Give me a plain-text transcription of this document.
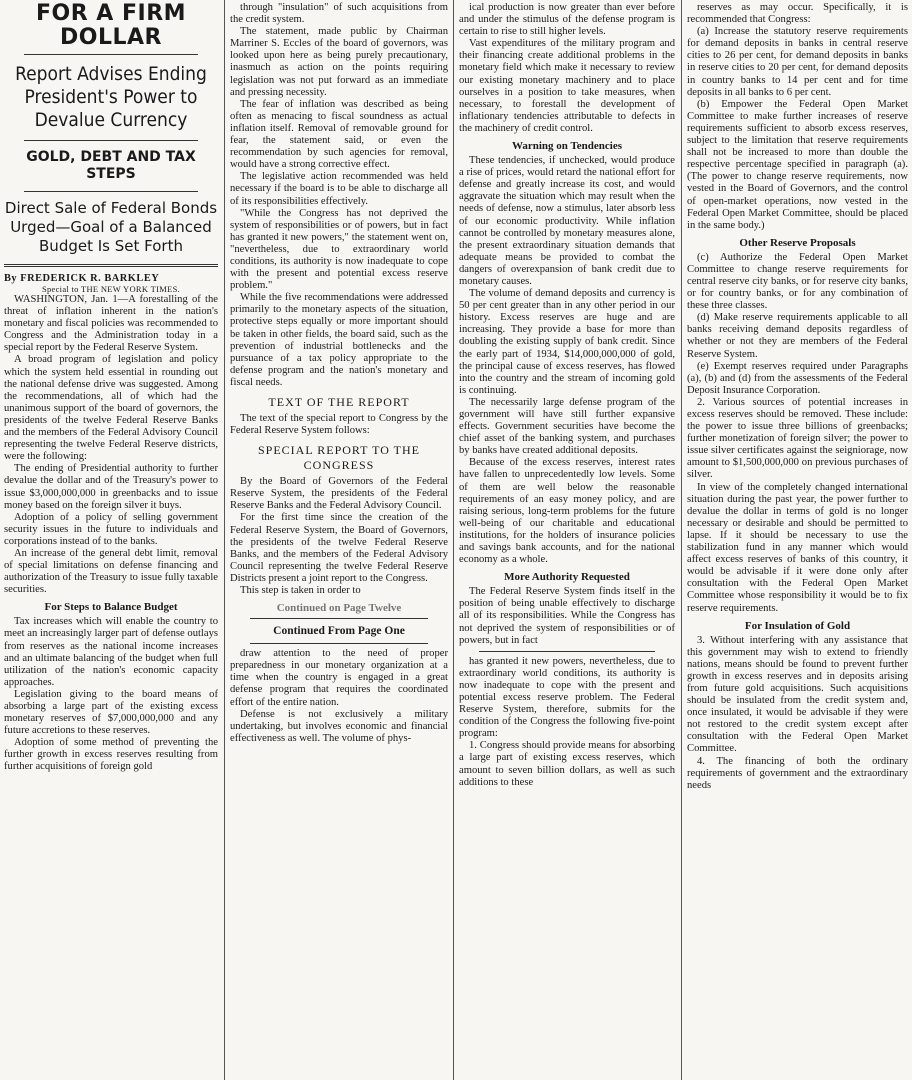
FOR A FIRM DOLLAR
Report Advises Ending President's Power to Devalue Currency
GOLD, DEBT AND TAX STEPS
Direct Sale of Federal Bonds Urged—Goal of a Balanced Budget Is Set Forth
By FREDERICK R. BARKLEY
Special to THE NEW YORK TIMES.

WASHINGTON, Jan. 1—A forestalling of the threat of inflation inherent in the nation's monetary and fiscal policies was recommended to Congress and the Administration today in a special report by the Federal Reserve System.

A broad program of legislation and policy which the system held essential in rounding out the national defense drive was suggested. Among the recommendations, all of which had the unanimous support of the board of governors, the presidents of the twelve Federal Reserve Banks and the members of the Federal Advisory Council representing the twelve Federal Reserve districts, were the following:

The ending of Presidential authority to further devalue the dollar and of the Treasury's power to issue $3,000,000,000 in greenbacks and to issue money based on the foreign silver it buys.

Adoption of a policy of selling government security issues in the future to individuals and corporations instead of to the banks.

An increase of the general debt limit, removal of special limitations on defense financing and authorization of the Treasury to issue fully taxable securities.

For Steps to Balance Budget

Tax increases which will enable the country to meet an increasingly larger part of defense outlays from reserves as the national income increases and an ultimate balancing of the budget when full utilization of the nation's economic capacity approaches.

Legislation giving to the board means of absorbing a large part of the existing excess monetary reserves of $7,000,000,000 and any future accretions to these reserves.

Adoption of some method of preventing the further growth in excess reserves resulting from further acquisitions of foreign gold

through "insulation" of such acquisitions from the credit system.

The statement, made public by Chairman Marriner S. Eccles of the board of governors, was looked upon here as being purely precautionary, inasmuch as action on the points requiring legislation was not put forward as an immediate and pressing necessity.

The fear of inflation was described as being often as menacing to fiscal soundness as actual inflation itself. Removal of removable ground for fear, the statement said, or even the recommendation by such agencies for removal, would have a strong corrective effect.

The legislative action recommended was held necessary if the board is to be able to discharge all of its responsibilities effectively.

"While the Congress has not deprived the system of responsibilities or of powers, but in fact has granted it new powers," the statement went on, "nevertheless, due to extraordinary world conditions, its authority is now inadequate to cope with the present and potential excess reserve problem."

While the five recommendations were addressed primarily to the monetary aspects of the situation, protective steps equally or more important should be taken in other fields, the board said, such as the prevention of industrial bottlenecks and the pursuance of a tax policy appropriate to the defense program and the nation's monetary and fiscal needs.

TEXT OF THE REPORT

The text of the special report to Congress by the Federal Reserve System follows:

SPECIAL REPORT TO THE CONGRESS

By the Board of Governors of the Federal Reserve System, the presidents of the Federal Reserve Banks and the Federal Advisory Council.

For the first time since the creation of the Federal Reserve System, the Board of Governors, the presidents of the twelve Federal Reserve Banks, and the members of the Federal Advisory Council representing the twelve Federal Reserve Districts present a joint report to the Congress.

This step is taken in order to

Continued on Page Twelve
Continued From Page One

draw attention to the need of proper preparedness in our monetary organization at a time when the country is engaged in a great defense program that requires the coordinated effort of the entire nation.

Defense is not exclusively a military undertaking, but involves economic and financial effectiveness as well. The volume of phys-

ical production is now greater than ever before and under the stimulus of the defense program is certain to rise to still higher levels.

Vast expenditures of the military program and their financing create additional problems in the monetary field which make it necessary to review our existing monetary machinery and to place ourselves in a position to take measures, when necessary, to forestall the development of inflationary tendencies attributable to defects in the machinery of credit control.

Warning on Tendencies

These tendencies, if unchecked, would produce a rise of prices, would retard the national effort for defense and greatly increase its cost, and would aggravate the situation which may result when the needs of defense, now a stimulus, later absorb less of our economic productivity. While inflation cannot be controlled by monetary measures alone, the present extraordinary situation demands that adequate means be provided to combat the dangers of overexpansion of bank credit due to monetary causes.

The volume of demand deposits and currency is 50 per cent greater than in any other period in our history. Excess reserves are huge and are increasing. They provide a base for more than doubling the existing supply of bank credit. Since the early part of 1934, $14,000,000,000 of gold, the principal cause of excess reserves, has flowed into the country and the stream of incoming gold is continuing.

The necessarily large defense program of the government will have still further expansive effects. Government securities have become the chief asset of the banking system, and purchases by banks have created additional deposits.

Because of the excess reserves, interest rates have fallen to unprecedentedly low levels. Some of them are well below the reasonable requirements of an easy money policy, and are raising serious, long-term problems for the future well-being of our charitable and educational institutions, for the holders of insurance policies and savings bank accounts, and for the national economy as a whole.

More Authority Requested

The Federal Reserve System finds itself in the position of being unable effectively to discharge all of its responsibilities. While the Congress has not deprived the system of responsibilities or of powers, but in fact

has granted it new powers, nevertheless, due to extraordinary world conditions, its authority is now inadequate to cope with the present and potential excess reserve problem. The Federal Reserve System, therefore, submits for the condition of the Congress the following five-point program:

1. Congress should provide means for absorbing a large part of existing excess reserves, which amount to seven billion dollars, as well as such additions to these

reserves as may occur. Specifically, it is recommended that Congress:

(a) Increase the statutory reserve requirements for demand deposits in banks in central reserve cities to 26 per cent, for demand deposits in banks in reserve cities to 20 per cent, for demand deposits in country banks to 14 per cent and for time deposits in all banks to 6 per cent.

(b) Empower the Federal Open Market Committee to make further increases of reserve requirements sufficient to absorb excess reserves, subject to the limitation that reserve requirements shall not be increased to more than double the respective percentage specified in paragraph (a). (The power to change reserve requirements, now vested in the Board of Governors, and the control of open-market operations, now vested in the Federal Open Market Committee, should be placed in the same body.)

Other Reserve Proposals

(c) Authorize the Federal Open Market Committee to change reserve requirements for central reserve city banks, or for reserve city banks, or for country banks, or for any combination of these three classes.

(d) Make reserve requirements applicable to all banks receiving demand deposits regardless of whether or not they are members of the Federal Reserve System.

(e) Exempt reserves required under Paragraphs (a), (b) and (d) from the assessments of the Federal Deposit Insurance Corporation.

2. Various sources of potential increases in excess reserves should be removed. These include: the power to issue three billions of greenbacks; further monetization of foreign silver; the power to issue silver certificates against the seigniorage, now amount to $1,500,000,000 on previous purchases of silver.

In view of the completely changed international situation during the past year, the power further to devalue the dollar in terms of gold is no longer necessary or desirable and should be permitted to lapse. If it should be necessary to use the stabilization fund in any manner which would affect excess reserves of banks of this country, it would be advisable if it were done only after consultation with the Federal Open Market Committee whose responsibility it would be to fix reserve requirements.

For Insulation of Gold

3. Without interfering with any assistance that this government may wish to extend to friendly nations, means should be found to prevent further growth in excess reserves and in deposits arising from future gold acquisitions. Such acquisitions should be insulated from the credit system and, once insulated, it would be advisable if they were not restored to the credit system except after consultation with the Federal Open Market Committee.

4. The financing of both the ordinary requirements of government and the extraordinary needs
